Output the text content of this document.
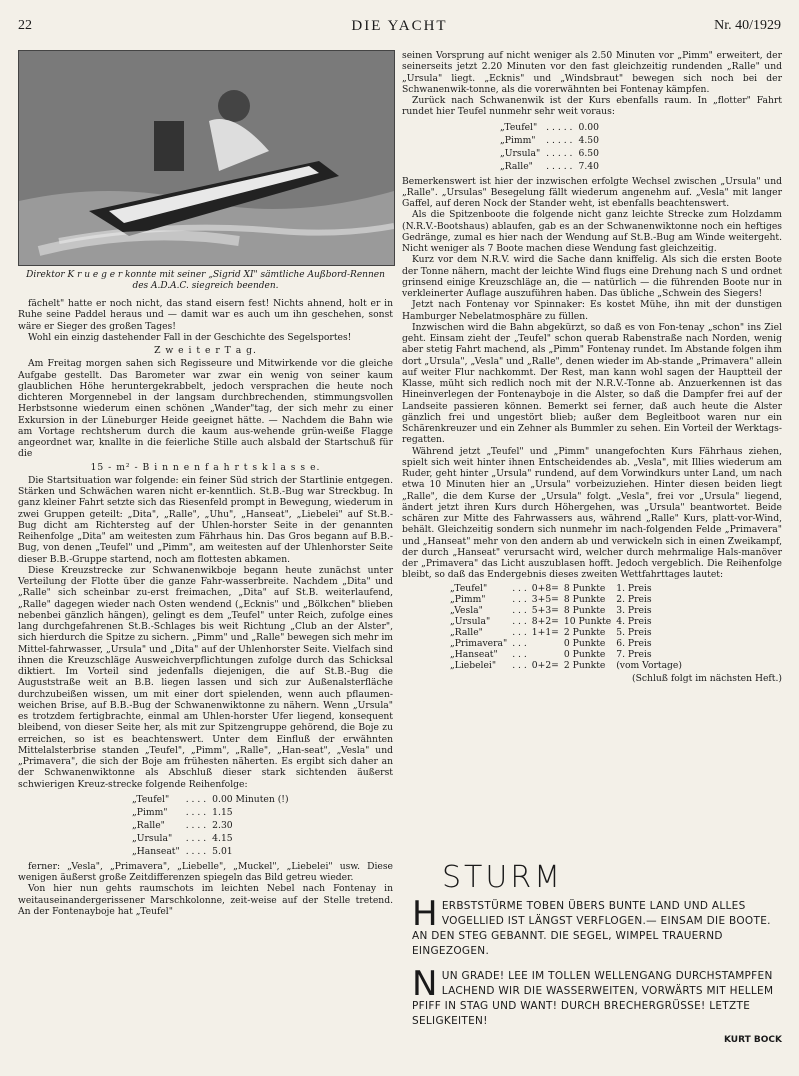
22	DIE YACHT	Nr. 40/1929
Direktor K r u e g e r konnte mit seiner „Sigrid XI" sämtliche Außbord-Rennen des A.D.A.C. siegreich beenden.

fächelt" hatte er noch nicht, das stand eisern fest! Nichts ahnend, holt er in Ruhe seine Paddel heraus und — damit war es auch um ihn geschehen, sonst wäre er Sieger des großen Tages!

Wohl ein einzig dastehender Fall in der Geschichte des Segelsportes!

Z w e i t e r T a g.

Am Freitag morgen sahen sich Regisseure und Mitwirkende vor die gleiche Aufgabe gestellt. Das Barometer war zwar ein wenig von seiner kaum glaublichen Höhe heruntergekrabbelt, jedoch versprachen die heute noch dichteren Morgennebel in der langsam durchbrechenden, stimmungsvollen Herbstsonne wiederum einen schönen „Wander"tag, der sich mehr zu einer Exkursion in der Lüneburger Heide geeignet hätte. — Nachdem die Bahn wie am Vortage rechtsherum durch die kaum aus-wehende grün-weiße Flagge angeordnet war, knallte in die feierliche Stille auch alsbald der Startschuß für die

15 - m² - B i n n e n f a h r t s k l a s s e.

Die Startsituation war folgende: ein feiner Süd strich der Startlinie entgegen. Stärken und Schwächen waren nicht er-kenntlich. St.B.-Bug war Streckbug. In ganz kleiner Fahrt setzte sich das Riesenfeld prompt in Bewegung, wiederum in zwei Gruppen geteilt: „Dita", „Ralle", „Uhu", „Hanseat", „Liebelei" auf St.B.-Bug dicht am Richtersteg auf der Uhlen-horster Seite in der genannten Reihenfolge „Dita" am weitesten zum Fährhaus hin. Das Gros begann auf B.B.-Bug, von denen „Teufel" und „Pimm", am weitesten auf der Uhlenhorster Seite dieser B.B.-Gruppe startend, noch am flottesten abkamen.

Diese Kreuzstrecke zur Schwanenwikboje begann heute zunächst unter Verteilung der Flotte über die ganze Fahr-wasserbreite. Nachdem „Dita" und „Ralle" sich scheinbar zu-erst freimachen, „Dita" auf St.B. weiterlaufend, „Ralle" dagegen wieder nach Osten wendend („Ecknis" und „Bölkchen" blieben nebenbei gänzlich hängen), gelingt es dem „Teufel" unter Reich, zufolge eines lang durchgefahrenen St.B.-Schlages bis weit Richtung „Club an der Alster", sich hierdurch die Spitze zu sichern. „Pimm" und „Ralle" bewegen sich mehr im Mittel-fahrwasser, „Ursula" und „Dita" auf der Uhlenhorster Seite. Vielfach sind ihnen die Kreuzschläge Ausweichverpflichtungen zufolge durch das Schicksal diktiert. Im Vorteil sind jedenfalls diejenigen, die auf St.B.-Bug die Auguststraße weit an B.B. liegen lassen und sich zur Außenalsterfläche durchzubeißen wissen, um mit einer dort spielenden, wenn auch pflaumen-weichen Brise, auf B.B.-Bug der Schwanenwiktonne zu nähern. Wenn „Ursula" es trotzdem fertigbrachte, einmal am Uhlen-horster Ufer liegend, konsequent bleibend, von dieser Seite her, als mit zur Spitzengruppe gehörend, die Boje zu erreichen, so ist es beachtenswert. Unter dem Einfluß der erwähnten Mittelalsterbrise standen „Teufel", „Pimm", „Ralle", „Han-seat", „Vesla" und „Primavera", die sich der Boje am frühesten näherten. Es ergibt sich daher an der Schwanenwiktonne als Abschluß dieser stark sichtenden äußerst schwierigen Kreuz-strecke folgende Reihenfolge:

„Teufel"	. . . .	0.00 Minuten (!)
„Pimm"	. . . .	1.15
„Ralle"	. . . .	2.30
„Ursula"	. . . .	4.15
„Hanseat"	. . . .	5.01

ferner: „Vesla", „Primavera", „Liebelle", „Muckel", „Liebelei" usw. Diese wenigen äußerst große Zeitdifferenzen spiegeln das Bild getreu wieder.

Von hier nun gehts raumschots im leichten Nebel nach Fontenay in weitauseinandergerissener Marschkolonne, zeit-weise auf der Stelle tretend. An der Fontenayboje hat „Teufel"

seinen Vorsprung auf nicht weniger als 2.50 Minuten vor „Pimm" erweitert, der seinerseits jetzt 2.20 Minuten vor den fast gleichzeitig rundenden „Ralle" und „Ursula" liegt. „Ecknis" und „Windsbraut" bewegen sich noch bei der Schwanenwik-tonne, als die vorerwähnten bei Fontenay kämpfen.

Zurück nach Schwanenwik ist der Kurs ebenfalls raum. In „flotter" Fahrt rundet hier Teufel nunmehr sehr weit voraus:

„Teufel"	. . . . .	0.00
„Pimm"	. . . . .	4.50
„Ursula"	. . . . .	6.50
„Ralle"	. . . . .	7.40

Bemerkenswert ist hier der inzwischen erfolgte Wechsel zwischen „Ursula" und „Ralle". „Ursulas" Besegelung fällt wiederum angenehm auf. „Vesla" mit langer Gaffel, auf deren Nock der Stander weht, ist ebenfalls beachtenswert.

Als die Spitzenboote die folgende nicht ganz leichte Strecke zum Holzdamm (N.R.V.-Bootshaus) ablaufen, gab es an der Schwanenwiktonne noch ein heftiges Gedränge, zumal es hier nach der Wendung auf St.B.-Bug am Winde weitergeht. Nicht weniger als 7 Boote machen diese Wendung fast gleichzeitig.

Kurz vor dem N.R.V. wird die Sache dann kniffelig. Als sich die ersten Boote der Tonne nähern, macht der leichte Wind flugs eine Drehung nach S und ordnet grinsend einige Kreuzschläge an, die — natürlich — die führenden Boote nur in verkleinerter Auflage auszuführen haben. Das übliche „Schwein des Siegers!

Jetzt nach Fontenay vor Spinnaker: Es kostet Mühe, ihn mit der dunstigen Hamburger Nebelatmosphäre zu füllen.

Inzwischen wird die Bahn abgekürzt, so daß es von Fon-tenay „schon" ins Ziel geht. Einsam zieht der „Teufel" schon querab Rabenstraße nach Norden, wenig aber stetig Fahrt machend, als „Pimm" Fontenay rundet. Im Abstande folgen ihm dort „Ursula", „Vesla" und „Ralle", denen wieder im Ab-stande „Primavera" allein auf weiter Flur nachkommt. Der Rest, man kann wohl sagen der Hauptteil der Klasse, müht sich redlich noch mit der N.R.V.-Tonne ab. Anzuerkennen ist das Hineinverlegen der Fontenayboje in die Alster, so daß die Dampfer frei auf der Landseite passieren können. Bemerkt sei ferner, daß auch heute die Alster gänzlich frei und ungestört blieb; außer dem Begleitboot waren nur ein Schärenkreuzer und ein Zehner als Bummler zu sehen. Ein Vorteil der Werktags-regatten.

Während jetzt „Teufel" und „Pimm" unangefochten Kurs Fährhaus ziehen, spielt sich weit hinter ihnen Entscheidendes ab. „Vesla", mit Illies wiederum am Ruder, geht hinter „Ursula" rundend, auf dem Vorwindkurs unter Land, um nach etwa 10 Minuten hier an „Ursula" vorbeizuziehen. Hinter diesen beiden liegt „Ralle", die dem Kurse der „Ursula" folgt. „Vesla", frei vor „Ursula" liegend, ändert jetzt ihren Kurs durch Höhergehen, was „Ursula" beantwortet. Beide schären zur Mitte des Fahrwassers aus, während „Ralle" Kurs, platt-vor-Wind, behält. Gleichzeitig sondern sich nunmehr im nach-folgenden Felde „Primavera" und „Hanseat" mehr von den andern ab und verwickeln sich in einen Zweikampf, der durch „Hanseat" verursacht wird, welcher durch mehrmalige Hals-manöver der „Primavera" das Licht auszublasen hofft. Jedoch vergeblich. Die Reihenfolge bleibt, so daß das Endergebnis dieses zweiten Wettfahrttages lautet:

„Teufel"	. . .	0+8=	8 Punkte	1. Preis
„Pimm"	. . .	3+5=	8 Punkte	2. Preis
„Vesla"	. . .	5+3=	8 Punkte	3. Preis
„Ursula"	. . .	8+2=	10 Punkte	4. Preis
„Ralle"	. . .	1+1=	2 Punkte	5. Preis
„Primavera"	. . .		0 Punkte	6. Preis
„Hanseat"	. . .		0 Punkte	7. Preis
„Liebelei"	. . .	0+2=	2 Punkte	(vom Vortage)

(Schluß folgt im nächsten Heft.)

STURM
H ERBSTSTÜRME TOBEN ÜBERS BUNTE LAND UND ALLES VOGELLIED IST LÄNGST VERFLOGEN.— EINSAM DIE BOOTE. AN DEN STEG GEBANNT. DIE SEGEL, WIMPEL TRAUERND EINGEZOGEN.
N UN GRADE! LEE IM TOLLEN WELLENGANG DURCHSTAMPFEN LACHEND WIR DIE WASSERWEITEN, VORWÄRTS MIT HELLEM PFIFF IN STAG UND WANT! DURCH BRECHERGRÜSSE! LETZTE SELIGKEITEN!
KURT BOCK
